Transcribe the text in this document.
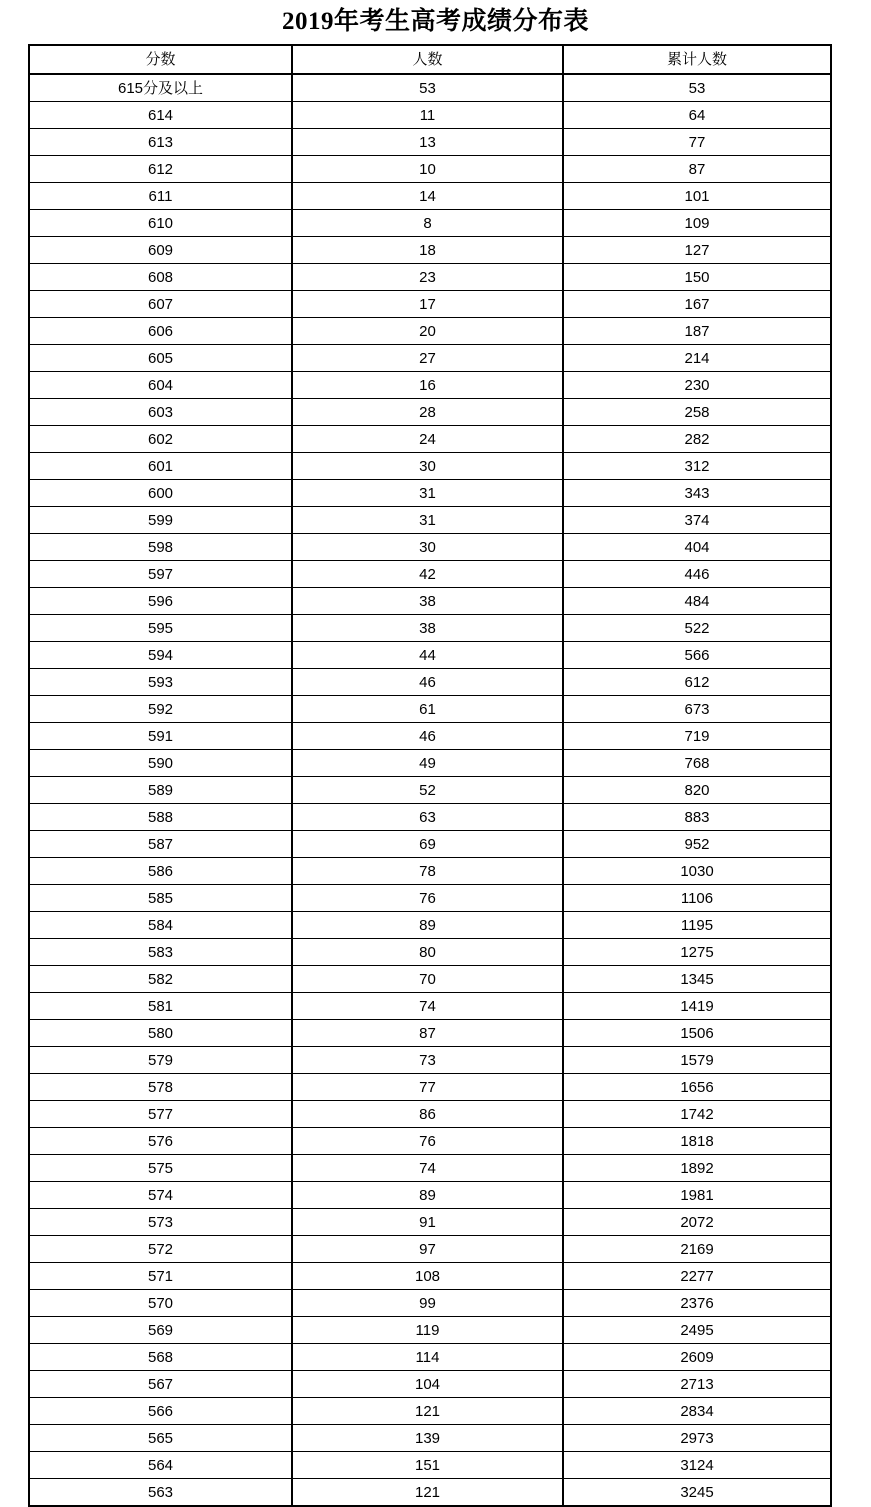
2019年考生高考成绩分布表
分数	人数	累计人数
615分及以上	53	53
614	11	64
613	13	77
612	10	87
611	14	101
610	8	109
609	18	127
608	23	150
607	17	167
606	20	187
605	27	214
604	16	230
603	28	258
602	24	282
601	30	312
600	31	343
599	31	374
598	30	404
597	42	446
596	38	484
595	38	522
594	44	566
593	46	612
592	61	673
591	46	719
590	49	768
589	52	820
588	63	883
587	69	952
586	78	1030
585	76	1106
584	89	1195
583	80	1275
582	70	1345
581	74	1419
580	87	1506
579	73	1579
578	77	1656
577	86	1742
576	76	1818
575	74	1892
574	89	1981
573	91	2072
572	97	2169
571	108	2277
570	99	2376
569	119	2495
568	114	2609
567	104	2713
566	121	2834
565	139	2973
564	151	3124
563	121	3245
